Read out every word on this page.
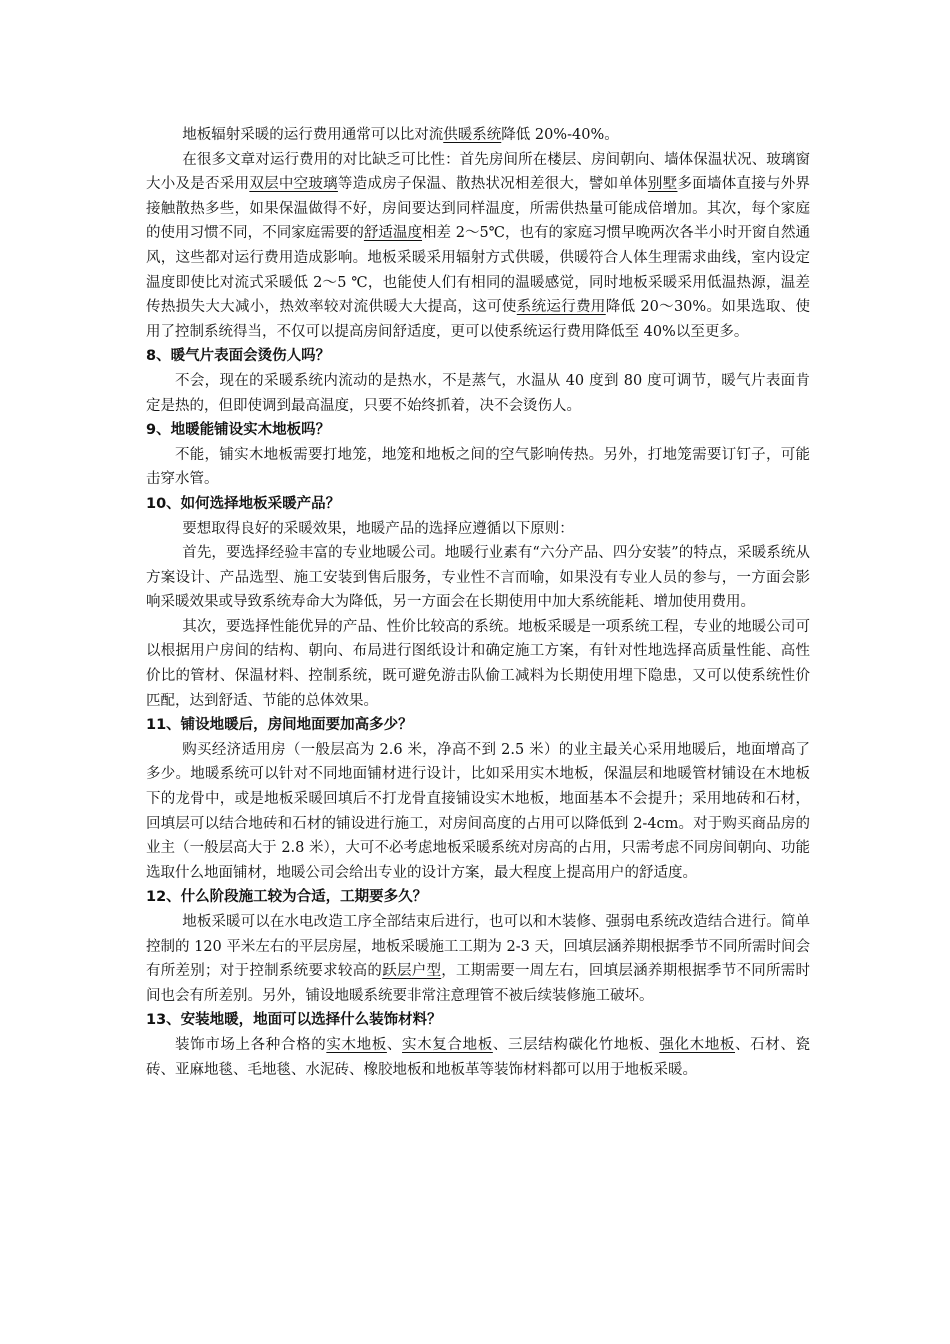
地板辐射采暖的运行费用通常可以比对流供暖系统降低 20%-40%。

在很多文章对运行费用的对比缺乏可比性：首先房间所在楼层、房间朝向、墙体保温状况、玻璃窗大小及是否采用双层中空玻璃等造成房子保温、散热状况相差很大，譬如单体别墅多面墙体直接与外界接触散热多些，如果保温做得不好，房间要达到同样温度，所需供热量可能成倍增加。其次，每个家庭的使用习惯不同，不同家庭需要的舒适温度相差 2～5℃，也有的家庭习惯早晚两次各半小时开窗自然通风，这些都对运行费用造成影响。地板采暖采用辐射方式供暖，供暖符合人体生理需求曲线，室内设定温度即使比对流式采暖低 2～5 ℃，也能使人们有相同的温暖感觉，同时地板采暖采用低温热源，温差传热损失大大减小，热效率较对流供暖大大提高，这可使系统运行费用降低 20～30%。如果选取、使用了控制系统得当，不仅可以提高房间舒适度，更可以使系统运行费用降低至 40%以至更多。

8、暖气片表面会烫伤人吗？

不会，现在的采暖系统内流动的是热水，不是蒸气，水温从 40 度到 80 度可调节，暖气片表面肯定是热的，但即使调到最高温度，只要不始终抓着，决不会烫伤人。

9、地暖能铺设实木地板吗？

不能，铺实木地板需要打地笼，地笼和地板之间的空气影响传热。另外，打地笼需要订钉子，可能击穿水管。

10、如何选择地板采暖产品？

要想取得良好的采暖效果，地暖产品的选择应遵循以下原则：

首先，要选择经验丰富的专业地暖公司。地暖行业素有“六分产品、四分安装”的特点，采暖系统从方案设计、产品选型、施工安装到售后服务，专业性不言而喻，如果没有专业人员的参与，一方面会影响采暖效果或导致系统寿命大为降低，另一方面会在长期使用中加大系统能耗、增加使用费用。

其次，要选择性能优异的产品、性价比较高的系统。地板采暖是一项系统工程，专业的地暖公司可以根据用户房间的结构、朝向、布局进行图纸设计和确定施工方案，有针对性地选择高质量性能、高性价比的管材、保温材料、控制系统，既可避免游击队偷工减料为长期使用埋下隐患，又可以使系统性价匹配，达到舒适、节能的总体效果。

11、铺设地暖后，房间地面要加高多少？

购买经济适用房（一般层高为 2.6 米，净高不到 2.5 米）的业主最关心采用地暖后，地面增高了多少。地暖系统可以针对不同地面铺材进行设计，比如采用实木地板，保温层和地暖管材铺设在木地板下的龙骨中，或是地板采暖回填后不打龙骨直接铺设实木地板，地面基本不会提升；采用地砖和石材，回填层可以结合地砖和石材的铺设进行施工，对房间高度的占用可以降低到 2-4cm。对于购买商品房的业主（一般层高大于 2.8 米），大可不必考虑地板采暖系统对房高的占用，只需考虑不同房间朝向、功能选取什么地面铺材，地暖公司会给出专业的设计方案，最大程度上提高用户的舒适度。

12、什么阶段施工较为合适，工期要多久？

地板采暖可以在水电改造工序全部结束后进行，也可以和木装修、强弱电系统改造结合进行。简单控制的 120 平米左右的平层房屋，地板采暖施工工期为 2-3 天，回填层涵养期根据季节不同所需时间会有所差别；对于控制系统要求较高的跃层户型，工期需要一周左右，回填层涵养期根据季节不同所需时间也会有所差别。另外，铺设地暖系统要非常注意理管不被后续装修施工破坏。

13、安装地暖，地面可以选择什么装饰材料？

装饰市场上各种合格的实木地板、实木复合地板、三层结构碳化竹地板、强化木地板、石材、瓷砖、亚麻地毯、毛地毯、水泥砖、橡胶地板和地板革等装饰材料都可以用于地板采暖。
